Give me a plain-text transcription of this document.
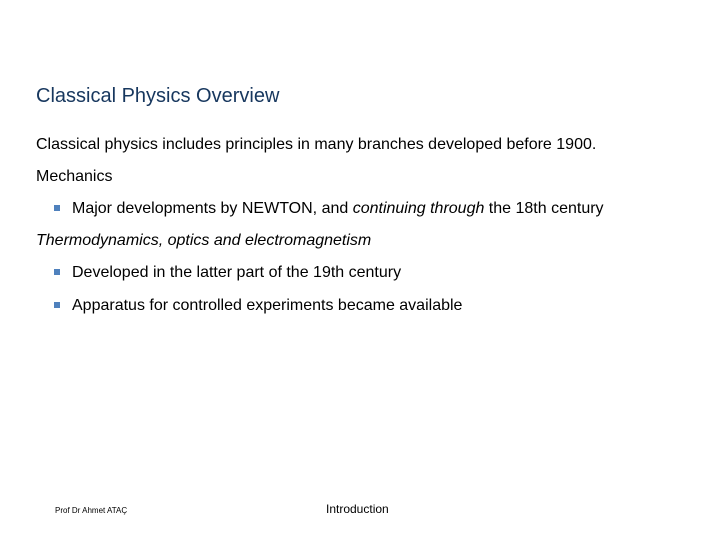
Classical Physics Overview
Classical physics includes principles in many branches developed before 1900.
Mechanics
Major developments by NEWTON, and continuing through the 18th century
Thermodynamics, optics and electromagnetism
Developed in the latter part of the 19th century
Apparatus for controlled experiments became available
Prof Dr Ahmet ATAÇ	Introduction
